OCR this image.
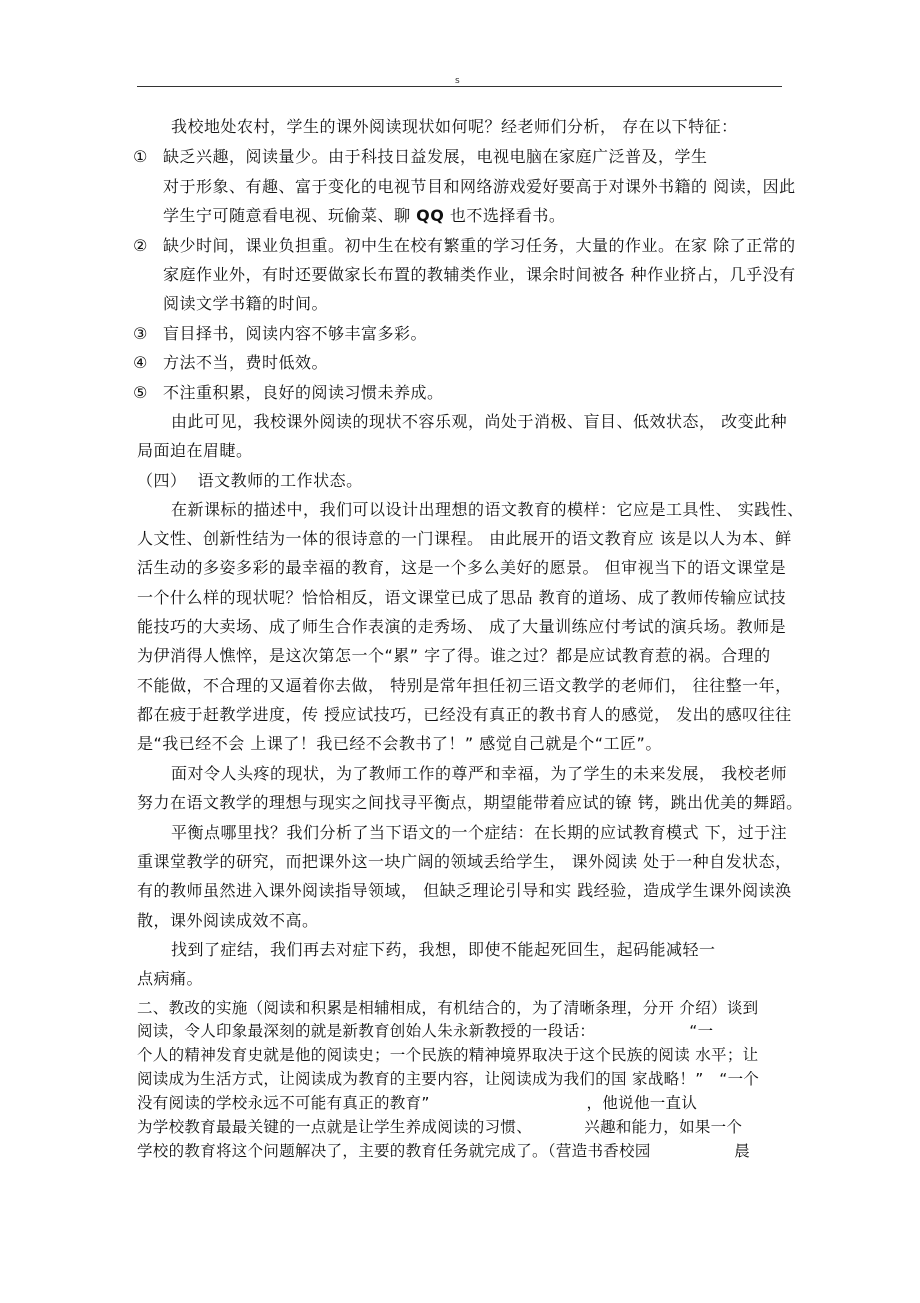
s
我校地处农村，学生的课外阅读现状如何呢？经老师们分析， 存在以下特征：
① 缺乏兴趣，阅读量少。由于科技日益发展，电视电脑在家庭广泛普及，学生
对于形象、有趣、富于变化的电视节目和网络游戏爱好要高于对课外书籍的 阅读，因此
学生宁可随意看电视、玩偷菜、聊 QQ 也不选择看书。
② 缺少时间，课业负担重。初中生在校有繁重的学习任务，大量的作业。在家 除了正常的
家庭作业外，有时还要做家长布置的教辅类作业，课余时间被各 种作业挤占，几乎没有
阅读文学书籍的时间。
③ 盲目择书，阅读内容不够丰富多彩。
④ 方法不当，费时低效。
⑤ 不注重积累，良好的阅读习惯未养成。
由此可见，我校课外阅读的现状不容乐观，尚处于消极、盲目、低效状态， 改变此种
局面迫在眉睫。
（四）  语文教师的工作状态。
在新课标的描述中，我们可以设计出理想的语文教育的模样：它应是工具性、 实践性、
人文性、创新性结为一体的很诗意的一门课程。 由此展开的语文教育应 该是以人为本、鲜
活生动的多姿多彩的最幸福的教育，这是一个多么美好的愿景。 但审视当下的语文课堂是
一个什么样的现状呢？恰恰相反，语文课堂已成了思品 教育的道场、成了教师传输应试技
能技巧的大卖场、成了师生合作表演的走秀场、 成了大量训练应付考试的演兵场。教师是
为伊消得人憔悴，是这次第怎一个“累” 字了得。谁之过？都是应试教育惹的祸。合理的
不能做，不合理的又逼着你去做， 特别是常年担任初三语文教学的老师们， 往往整一年，
都在疲于赶教学进度，传 授应试技巧，已经没有真正的教书育人的感觉， 发出的感叹往往
是“我已经不会 上课了！我已经不会教书了！” 感觉自己就是个“工匠”。
面对令人头疼的现状，为了教师工作的尊严和幸福，为了学生的未来发展， 我校老师
努力在语文教学的理想与现实之间找寻平衡点，期望能带着应试的镣 铐，跳出优美的舞蹈。
平衡点哪里找？我们分析了当下语文的一个症结：在长期的应试教育模式 下，过于注
重课堂教学的研究，而把课外这一块广阔的领域丢给学生， 课外阅读 处于一种自发状态，
有的教师虽然进入课外阅读指导领域， 但缺乏理论引导和实 践经验，造成学生课外阅读涣
散，课外阅读成效不高。
找到了症结，我们再去对症下药，我想，即使不能起死回生，起码能减轻一
点病痛。
二、教改的实施（阅读和积累是相辅相成，有机结合的，为了清晰条理，分开 介绍）谈到
阅读，令人印象最深刻的就是新教育创始人朱永新教授的一段话：                  “一
个人的精神发育史就是他的阅读史；一个民族的精神境界取决于这个民族的阅读 水平；让
阅读成为生活方式，让阅读成为教育的主要内容，让阅读成为我们的国 家战略！”   “一个
没有阅读的学校永远不可能有真正的教育”                              ，他说他一直认
为学校教育最最关键的一点就是让学生养成阅读的习惯、          兴趣和能力，如果一个
学校的教育将这个问题解决了，主要的教育任务就完成了。（营造书香校园                晨
